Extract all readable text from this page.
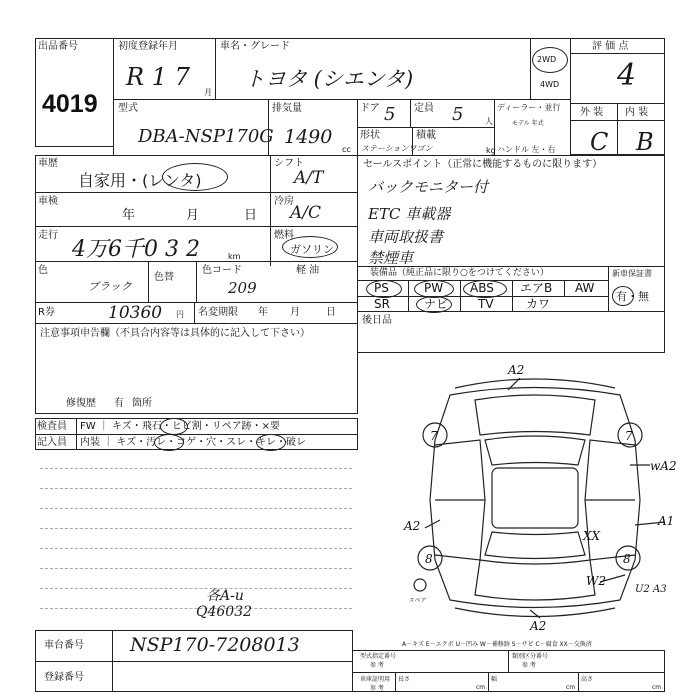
出品番号
4019
初度登録年月
R 1 7
月
車名・グレード
トヨタ (シエンタ)
2WD
4WD
評 価 点
4
外 装 内 装
C B
型式
DBA-NSP170G
排気量
1490
cc
ドア 5 定員 5	人
ディーラー・並行
モデル 年式
形状
ステーションワゴン
積載
kg ハンドル 左・右
車歴
自家用・(レンタ)
シフト
A/T
車検
年	月	日
冷房
A/C
走行
4万6千0 3 2	km
燃料
ガソリン
軽 油
色
ブラック
色替
色コード
209
R券	10360 円 名変期限 年 月	日
セールスポイント（正常に機能するものに限ります）
バックモニター付
ETC 車載器
車両取扱書
禁煙車
装備品（純正品に限り○をつけてください）
PS	PW ABS エアB AW
SR	ナビ TV	カワ
新車保証書
有・無
注意事項申告欄（不具合内容等は具体的に記入して下さい）
修復歴 有 箇所
後日品
検査員
記入員
FW ｜ キズ・飛石・ヒビ割・リペア跡・×要
内装 ｜ キズ・汚レ・コゲ・穴・スレ・キレ・破レ
各A-u
Q46032
A2
7	7
wA2
A1
XX
A2
8	8
W2
U2 A3
A2
スペア
車台番号 NSP170-7208013
登録番号
A－キズ E－エクボ U－凹み W－補修跡 S－サビ C－腐食 XX－交換済
型式指定番号
参 考
類別区分番号
参 考
車庫証明用
参 考
長さ
cm
幅
cm
高さ
cm
